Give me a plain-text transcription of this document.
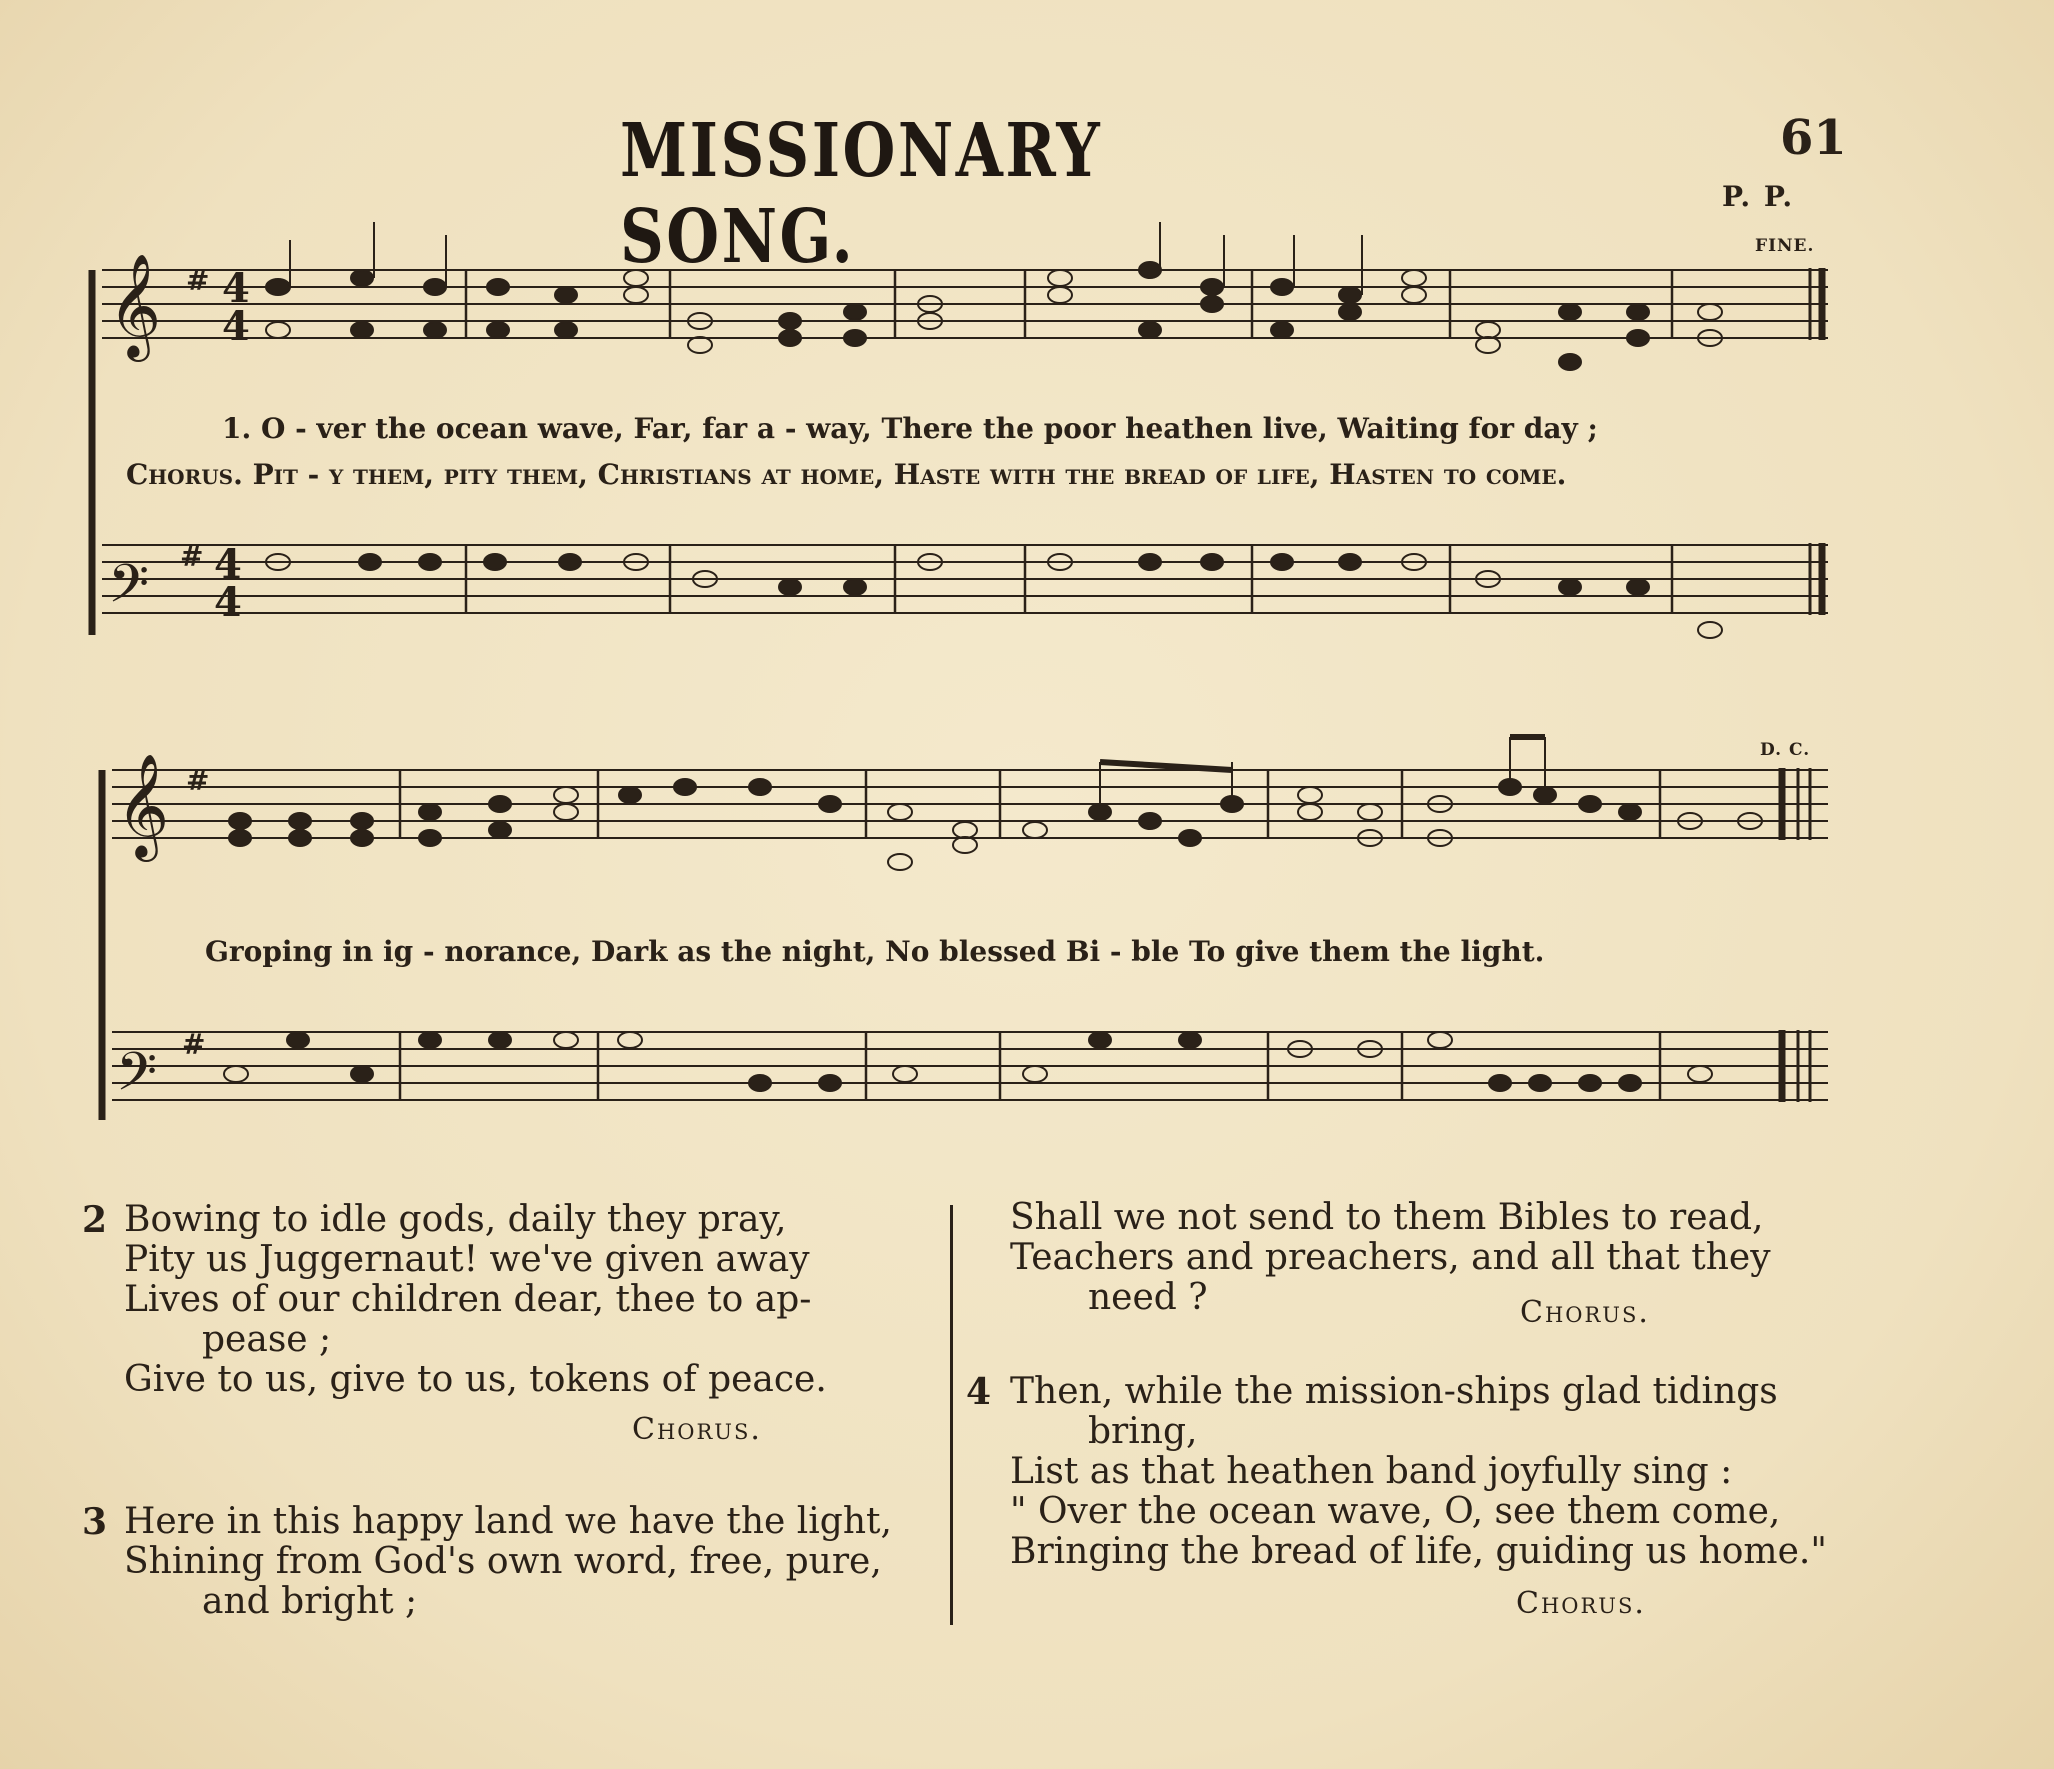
MISSIONARY SONG.
61
P. P.
FINE.
D. C.
𝄞
𝄢
𝄞
𝄢
#
#
#
#
4
4
4
4
1. O - ver the ocean wave, Far, far a - way, There the poor heathen live, Waiting for day ;
Chorus. Pit - y them, pity them, Christians at home, Haste with the bread of life, Hasten to come.
Groping in ig - norance, Dark as the night, No blessed Bi - ble To give them the light.
2 Bowing to idle gods, daily they pray,
Pity us Juggernaut! we've given away
Lives of our children dear, thee to ap-
pease ;
Give to us, give to us, tokens of peace.
Chorus.
3 Here in this happy land we have the light,
Shining from God's own word, free, pure,
and bright ;
Shall we not send to them Bibles to read,
Teachers and preachers, and all that they
need ?	Chorus.
4 Then, while the mission-ships glad tidings
bring,
List as that heathen band joyfully sing :
" Over the ocean wave, O, see them come,
Bringing the bread of life, guiding us home."
Chorus.
